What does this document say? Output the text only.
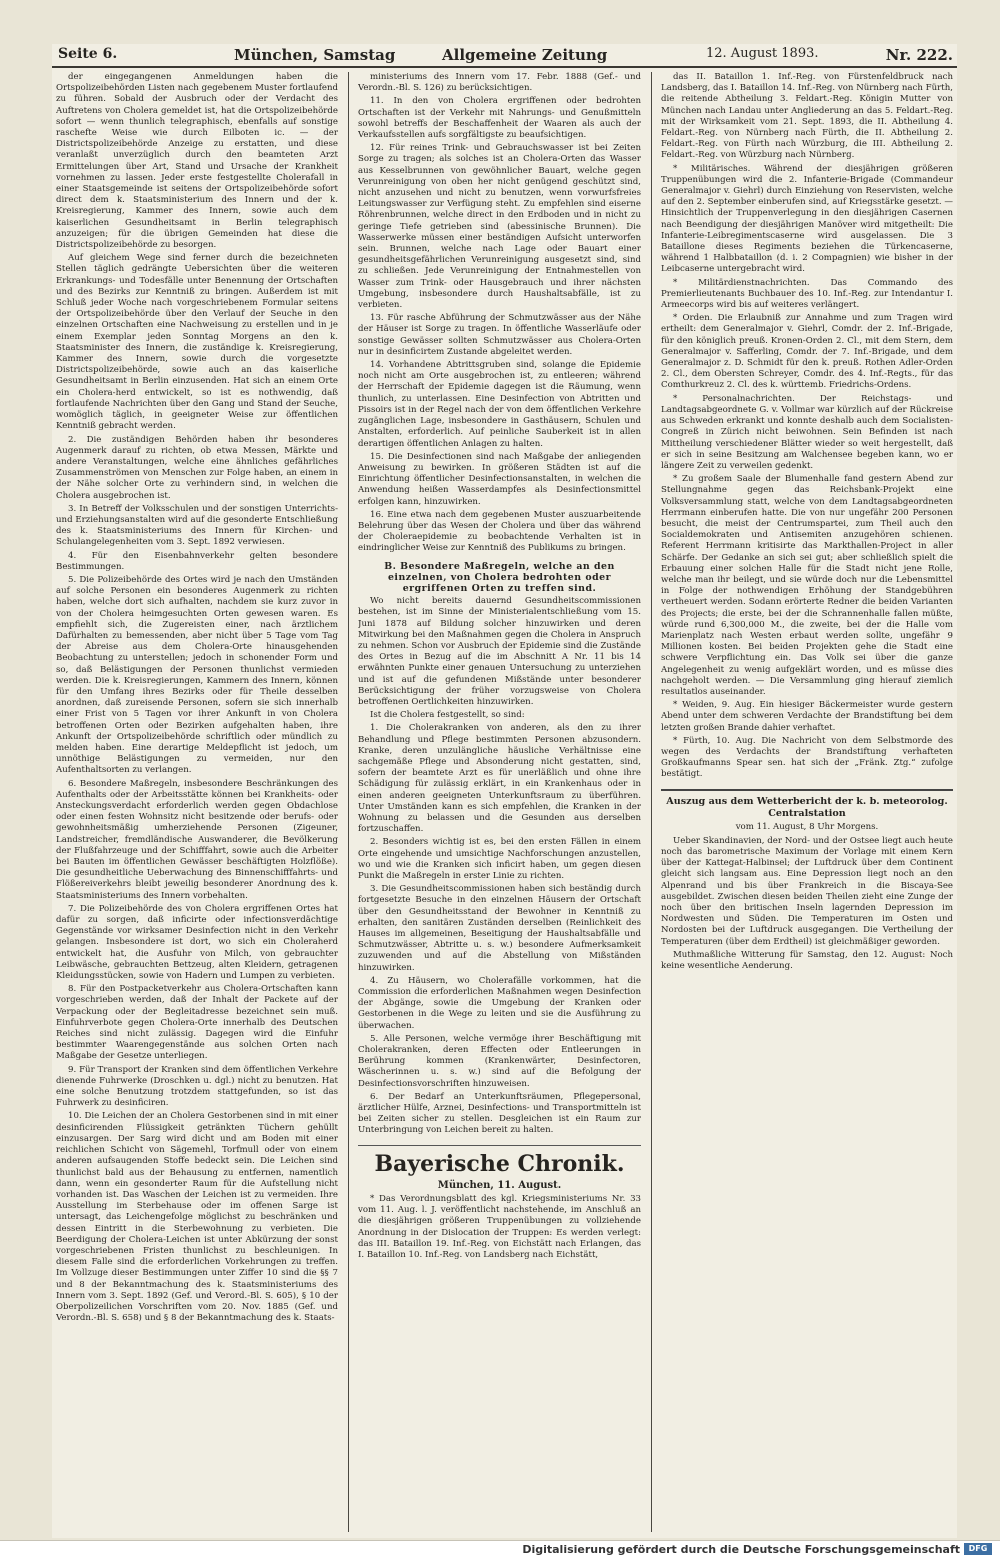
Seite 6.	München, Samstag	Allgemeine Zeitung	12. August 1893.	Nr. 222.

der eingegangenen Anmeldungen haben die Ortspolizeibehörden Listen nach gegebenem Muster fortlaufend zu führen. Sobald der Ausbruch oder der Verdacht des Auftretens von Cholera gemeldet ist, hat die Ortspolizeibehörde sofort — wenn thunlich telegraphisch, ebenfalls auf sonstige raschefte Weise wie durch Eilboten ic. — der Districtspolizeibehörde Anzeige zu erstatten, und diese veranlaßt unverzüglich durch den beamteten Arzt Ermittelungen über Art, Stand und Ursache der Krankheit vornehmen zu lassen. Jeder erste festgestellte Cholerafall in einer Staatsgemeinde ist seitens der Ortspolizeibehörde sofort direct dem k. Staatsministerium des Innern und der k. Kreisregierung, Kammer des Innern, sowie auch dem kaiserlichen Gesundheitsamt in Berlin telegraphisch anzuzeigen; für die übrigen Gemeinden hat diese die Districtspolizeibehörde zu besorgen.

Auf gleichem Wege sind ferner durch die bezeichneten Stellen täglich gedrängte Uebersichten über die weiteren Erkrankungs- und Todesfälle unter Benennung der Ortschaften und des Bezirks zur Kenntniß zu bringen. Außerdem ist mit Schluß jeder Woche nach vorgeschriebenem Formular seitens der Ortspolizeibehörde über den Verlauf der Seuche in den einzelnen Ortschaften eine Nachweisung zu erstellen und in je einem Exemplar jeden Sonntag Morgens an den k. Staatsminister des Innern, die zuständige k. Kreisregierung, Kammer des Innern, sowie durch die vorgesetzte Districtspolizeibehörde, sowie auch an das kaiserliche Gesundheitsamt in Berlin einzusenden. Hat sich an einem Orte ein Cholera-herd entwickelt, so ist es nothwendig, daß fortlaufende Nachrichten über den Gang und Stand der Seuche, womöglich täglich, in geeigneter Weise zur öffentlichen Kenntniß gebracht werden.

2. Die zuständigen Behörden haben ihr besonderes Augenmerk darauf zu richten, ob etwa Messen, Märkte und andere Veranstaltungen, welche eine ähnliches gefährliches Zusammenströmen von Menschen zur Folge haben, an einem in der Nähe solcher Orte zu verhindern sind, in welchen die Cholera ausgebrochen ist.

3. In Betreff der Volksschulen und der sonstigen Unterrichts- und Erziehungsanstalten wird auf die gesonderte Entschließung des k. Staatsministeriums des Innern für Kirchen- und Schulangelegenheiten vom 3. Sept. 1892 verwiesen.

4. Für den Eisenbahnverkehr gelten besondere Bestimmungen.

5. Die Polizeibehörde des Ortes wird je nach den Umständen auf solche Personen ein besonderes Augenmerk zu richten haben, welche dort sich aufhalten, nachdem sie kurz zuvor in von der Cholera heimgesuchten Orten gewesen waren. Es empfiehlt sich, die Zugereisten einer, nach ärztlichem Dafürhalten zu bemessenden, aber nicht über 5 Tage vom Tag der Abreise aus dem Cholera-Orte hinausgehenden Beobachtung zu unterstellen; jedoch in schonender Form und so, daß Belästigungen der Personen thunlichst vermieden werden. Die k. Kreisregierungen, Kammern des Innern, können für den Umfang ihres Bezirks oder für Theile desselben anordnen, daß zureisende Personen, sofern sie sich innerhalb einer Frist von 5 Tagen vor ihrer Ankunft in von Cholera betroffenen Orten oder Bezirken aufgehalten haben, ihre Ankunft der Ortspolizeibehörde schriftlich oder mündlich zu melden haben. Eine derartige Meldepflicht ist jedoch, um unnöthige Belästigungen zu vermeiden, nur den Aufenthaltsorten zu verlangen.

6. Besondere Maßregeln, insbesondere Beschränkungen des Aufenthalts oder der Arbeitsstätte können bei Krankheits- oder Ansteckungsverdacht erforderlich werden gegen Obdachlose oder einen festen Wohnsitz nicht besitzende oder berufs- oder gewohnheitsmäßig umherziehende Personen (Zigeuner, Landstreicher, fremdländische Auswanderer, die Bevölkerung der Flußfahrzeuge und der Schifffahrt, sowie auch die Arbeiter bei Bauten im öffentlichen Gewässer beschäftigten Holzflöße). Die gesundheitliche Ueberwachung des Binnenschifffahrts- und Flößereiverkehrs bleibt jeweilig besonderer Anordnung des k. Staatsministeriums des Innern vorbehalten.

7. Die Polizeibehörde des von Cholera ergriffenen Ortes hat dafür zu sorgen, daß inficirte oder infectionsverdächtige Gegenstände vor wirksamer Desinfection nicht in den Verkehr gelangen. Insbesondere ist dort, wo sich ein Choleraherd entwickelt hat, die Ausfuhr von Milch, von gebrauchter Leibwäsche, gebrauchten Bettzeug, alten Kleidern, getragenen Kleidungsstücken, sowie von Hadern und Lumpen zu verbieten.

8. Für den Postpacketverkehr aus Cholera-Ortschaften kann vorgeschrieben werden, daß der Inhalt der Packete auf der Verpackung oder der Begleitadresse bezeichnet sein muß. Einfuhrverbote gegen Cholera-Orte innerhalb des Deutschen Reiches sind nicht zulässig. Dagegen wird die Einfuhr bestimmter Waarengegenstände aus solchen Orten nach Maßgabe der Gesetze unterliegen.

9. Für Transport der Kranken sind dem öffentlichen Verkehre dienende Fuhrwerke (Droschken u. dgl.) nicht zu benutzen. Hat eine solche Benutzung trotzdem stattgefunden, so ist das Fuhrwerk zu desinficiren.

10. Die Leichen der an Cholera Gestorbenen sind in mit einer desinficirenden Flüssigkeit getränkten Tüchern gehüllt einzusargen. Der Sarg wird dicht und am Boden mit einer reichlichen Schicht von Sägemehl, Torfmull oder von einem anderen aufsaugenden Stoffe bedeckt sein. Die Leichen sind thunlichst bald aus der Behausung zu entfernen, namentlich dann, wenn ein gesonderter Raum für die Aufstellung nicht vorhanden ist. Das Waschen der Leichen ist zu vermeiden. Ihre Ausstellung im Sterbehause oder im offenen Sarge ist untersagt, das Leichengefolge möglichst zu beschränken und dessen Eintritt in die Sterbewohnung zu verbieten. Die Beerdigung der Cholera-Leichen ist unter Abkürzung der sonst vorgeschriebenen Fristen thunlichst zu beschleunigen. In diesem Falle sind die erforderlichen Vorkehrungen zu treffen. Im Vollzuge dieser Bestimmungen unter Ziffer 10 sind die §§ 7 und 8 der Bekanntmachung des k. Staatsministeriums des Innern vom 3. Sept. 1892 (Gef. und Verord.-Bl. S. 605), § 10 der Oberpolizeilichen Vorschriften vom 20. Nov. 1885 (Gef. und Verordn.-Bl. S. 658) und § 8 der Bekanntmachung des k. Staats-

ministeriums des Innern vom 17. Febr. 1888 (Gef.- und Verordn.-Bl. S. 126) zu berücksichtigen.

11. In den von Cholera ergriffenen oder bedrohten Ortschaften ist der Verkehr mit Nahrungs- und Genußmitteln sowohl betreffs der Beschaffenheit der Waaren als auch der Verkaufsstellen aufs sorgfältigste zu beaufsichtigen.

12. Für reines Trink- und Gebrauchswasser ist bei Zeiten Sorge zu tragen; als solches ist an Cholera-Orten das Wasser aus Kesselbrunnen von gewöhnlicher Bauart, welche gegen Verunreinigung von oben her nicht genügend geschützt sind, nicht anzusehen und nicht zu benutzen, wenn vorwurfsfreies Leitungswasser zur Verfügung steht. Zu empfehlen sind eiserne Röhrenbrunnen, welche direct in den Erdboden und in nicht zu geringe Tiefe getrieben sind (abessinische Brunnen). Die Wasserwerke müssen einer beständigen Aufsicht unterworfen sein. Brunnen, welche nach Lage oder Bauart einer gesundheitsgefährlichen Verunreinigung ausgesetzt sind, sind zu schließen. Jede Verunreinigung der Entnahmestellen von Wasser zum Trink- oder Hausgebrauch und ihrer nächsten Umgebung, insbesondere durch Haushaltsabfälle, ist zu verbieten.

13. Für rasche Abführung der Schmutzwässer aus der Nähe der Häuser ist Sorge zu tragen. In öffentliche Wasserläufe oder sonstige Gewässer sollten Schmutzwässer aus Cholera-Orten nur in desinficirtem Zustande abgeleitet werden.

14. Vorhandene Abtrittsgruben sind, solange die Epidemie noch nicht am Orte ausgebrochen ist, zu entleeren; während der Herrschaft der Epidemie dagegen ist die Räumung, wenn thunlich, zu unterlassen. Eine Desinfection von Abtritten und Pissoirs ist in der Regel nach der von dem öffentlichen Verkehre zugänglichen Lage, insbesondere in Gasthäusern, Schulen und Anstalten, erforderlich. Auf peinliche Sauberkeit ist in allen derartigen öffentlichen Anlagen zu halten.

15. Die Desinfectionen sind nach Maßgabe der anliegenden Anweisung zu bewirken. In größeren Städten ist auf die Einrichtung öffentlicher Desinfectionsanstalten, in welchen die Anwendung heißen Wasserdampfes als Desinfectionsmittel erfolgen kann, hinzuwirken.

16. Eine etwa nach dem gegebenen Muster auszuarbeitende Belehrung über das Wesen der Cholera und über das während der Choleraepidemie zu beobachtende Verhalten ist in eindringlicher Weise zur Kenntniß des Publikums zu bringen.

B. Besondere Maßregeln, welche an den einzelnen, von Cholera bedrohten oder ergriffenen Orten zu treffen sind.

Wo nicht bereits dauernd Gesundheitscommissionen bestehen, ist im Sinne der Ministerialentschließung vom 15. Juni 1878 auf Bildung solcher hinzuwirken und deren Mitwirkung bei den Maßnahmen gegen die Cholera in Anspruch zu nehmen. Schon vor Ausbruch der Epidemie sind die Zustände des Ortes in Bezug auf die im Abschnitt A Nr. 11 bis 14 erwähnten Punkte einer genauen Untersuchung zu unterziehen und ist auf die gefundenen Mißstände unter besonderer Berücksichtigung der früher vorzugsweise von Cholera betroffenen Oertlichkeiten hinzuwirken.

Ist die Cholera festgestellt, so sind:

1. Die Cholerakranken von anderen, als den zu ihrer Behandlung und Pflege bestimmten Personen abzusondern. Kranke, deren unzulängliche häusliche Verhältnisse eine sachgemäße Pflege und Absonderung nicht gestatten, sind, sofern der beamtete Arzt es für unerläßlich und ohne ihre Schädigung für zulässig erklärt, in ein Krankenhaus oder in einen anderen geeigneten Unterkunftsraum zu überführen. Unter Umständen kann es sich empfehlen, die Kranken in der Wohnung zu belassen und die Gesunden aus derselben fortzuschaffen.

2. Besonders wichtig ist es, bei den ersten Fällen in einem Orte eingehende und umsichtige Nachforschungen anzustellen, wo und wie die Kranken sich inficirt haben, um gegen diesen Punkt die Maßregeln in erster Linie zu richten.

3. Die Gesundheitscommissionen haben sich beständig durch fortgesetzte Besuche in den einzelnen Häusern der Ortschaft über den Gesundheitsstand der Bewohner in Kenntniß zu erhalten, den sanitären Zuständen derselben (Reinlichkeit des Hauses im allgemeinen, Beseitigung der Haushaltsabfälle und Schmutzwässer, Abtritte u. s. w.) besondere Aufmerksamkeit zuzuwenden und auf die Abstellung von Mißständen hinzuwirken.

4. Zu Häusern, wo Cholerafälle vorkommen, hat die Commission die erforderlichen Maßnahmen wegen Desinfection der Abgänge, sowie die Umgebung der Kranken oder Gestorbenen in die Wege zu leiten und sie die Ausführung zu überwachen.

5. Alle Personen, welche vermöge ihrer Beschäftigung mit Cholerakranken, deren Effecten oder Entleerungen in Berührung kommen (Krankenwärter, Desinfectoren, Wäscherinnen u. s. w.) sind auf die Befolgung der Desinfectionsvorschriften hinzuweisen.

6. Der Bedarf an Unterkunftsräumen, Pflegepersonal, ärztlicher Hülfe, Arznei, Desinfections- und Transportmitteln ist bei Zeiten sicher zu stellen. Desgleichen ist ein Raum zur Unterbringung von Leichen bereit zu halten.

Bayerische Chronik.
München, 11. August.

* Das Verordnungsblatt des kgl. Kriegsministeriums Nr. 33 vom 11. Aug. l. J. veröffentlicht nachstehende, im Anschluß an die diesjährigen größeren Truppenübungen zu vollziehende Anordnung in der Dislocation der Truppen: Es werden verlegt: das III. Bataillon 19. Inf.-Reg. von Eichstätt nach Erlangen, das I. Bataillon 10. Inf.-Reg. von Landsberg nach Eichstätt,

das II. Bataillon 1. Inf.-Reg. von Fürstenfeldbruck nach Landsberg, das I. Bataillon 14. Inf.-Reg. von Nürnberg nach Fürth, die reitende Abtheilung 3. Feldart.-Reg. Königin Mutter von München nach Landau unter Angliederung an das 5. Feldart.-Reg. mit der Wirksamkeit vom 21. Sept. 1893, die II. Abtheilung 4. Feldart.-Reg. von Nürnberg nach Fürth, die II. Abtheilung 2. Feldart.-Reg. von Fürth nach Würzburg, die III. Abtheilung 2. Feldart.-Reg. von Würzburg nach Nürnberg.

* Militärisches. Während der diesjährigen größeren Truppenübungen wird die 2. Infanterie-Brigade (Commandeur Generalmajor v. Giehrl) durch Einziehung von Reservisten, welche auf den 2. September einberufen sind, auf Kriegsstärke gesetzt. — Hinsichtlich der Truppenverlegung in den diesjährigen Casernen nach Beendigung der diesjährigen Manöver wird mitgetheilt: Die Infanterie-Leibregimentscaserne wird ausgelassen. Die 3 Bataillone dieses Regiments beziehen die Türkencaserne, während 1 Halbbataillon (d. i. 2 Compagnien) wie bisher in der Leibcaserne untergebracht wird.

* Militärdienstnachrichten. Das Commando des Premierlieutenants Buchbauer des 10. Inf.-Reg. zur Intendantur I. Armeecorps wird bis auf weiteres verlängert.

* Orden. Die Erlaubniß zur Annahme und zum Tragen wird ertheilt: dem Generalmajor v. Giehrl, Comdr. der 2. Inf.-Brigade, für den königlich preuß. Kronen-Orden 2. Cl., mit dem Stern, dem Generalmajor v. Safferling, Comdr. der 7. Inf.-Brigade, und dem Generalmajor z. D. Schmidt für den k. preuß. Rothen Adler-Orden 2. Cl., dem Obersten Schreyer, Comdr. des 4. Inf.-Regts., für das Comthurkreuz 2. Cl. des k. württemb. Friedrichs-Ordens.

* Personalnachrichten. Der Reichstags- und Landtagsabgeordnete G. v. Vollmar war kürzlich auf der Rückreise aus Schweden erkrankt und konnte deshalb auch dem Socialisten-Congreß in Zürich nicht beiwohnen. Sein Befinden ist nach Mittheilung verschiedener Blätter wieder so weit hergestellt, daß er sich in seine Besitzung am Walchensee begeben kann, wo er längere Zeit zu verweilen gedenkt.

* Zu großem Saale der Blumenhalle fand gestern Abend zur Stellungnahme gegen das Reichsbank-Projekt eine Volksversammlung statt, welche von dem Landtagsabgeordneten Herrmann einberufen hatte. Die von nur ungefähr 200 Personen besucht, die meist der Centrumspartei, zum Theil auch den Socialdemokraten und Antisemiten anzugehören schienen. Referent Herrmann kritisirte das Markthallen-Project in aller Schärfe. Der Gedanke an sich sei gut; aber schließlich spielt die Erbauung einer solchen Halle für die Stadt nicht jene Rolle, welche man ihr beilegt, und sie würde doch nur die Lebensmittel in Folge der nothwendigen Erhöhung der Standgebühren vertheuert werden. Sodann erörterte Redner die beiden Varianten des Projects; die erste, bei der die Schrannenhalle fallen müßte, würde rund 6,300,000 M., die zweite, bei der die Halle vom Marienplatz nach Westen erbaut werden sollte, ungefähr 9 Millionen kosten. Bei beiden Projekten gehe die Stadt eine schwere Verpflichtung ein. Das Volk sei über die ganze Angelegenheit zu wenig aufgeklärt worden, und es müsse dies nachgeholt werden. — Die Versammlung ging hierauf ziemlich resultatlos auseinander.

* Weiden, 9. Aug. Ein hiesiger Bäckermeister wurde gestern Abend unter dem schweren Verdachte der Brandstiftung bei dem letzten großen Brande dahier verhaftet.

* Fürth, 10. Aug. Die Nachricht von dem Selbstmorde des wegen des Verdachts der Brandstiftung verhafteten Großkaufmanns Spear sen. hat sich der „Fränk. Ztg.“ zufolge bestätigt.

Auszug aus dem Wetterbericht der k. b. meteorolog. Centralstation
vom 11. August, 8 Uhr Morgens.

Ueber Skandinavien, der Nord- und der Ostsee liegt auch heute noch das barometrische Maximum der Vorlage mit einem Kern über der Kattegat-Halbinsel; der Luftdruck über dem Continent gleicht sich langsam aus. Eine Depression liegt noch an den Alpenrand und bis über Frankreich in die Biscaya-See ausgebildet. Zwischen diesen beiden Theilen zieht eine Zunge der noch über den britischen Inseln lagernden Depression im Nordwesten und Süden. Die Temperaturen im Osten und Nordosten bei der Luftdruck ausgegangen. Die Vertheilung der Temperaturen (über dem Erdtheil) ist gleichmäßiger geworden.

Muthmaßliche Witterung für Samstag, den 12. August: Noch keine wesentliche Aenderung.

Digitalisierung gefördert durch die Deutsche Forschungsgemeinschaft	DFG
